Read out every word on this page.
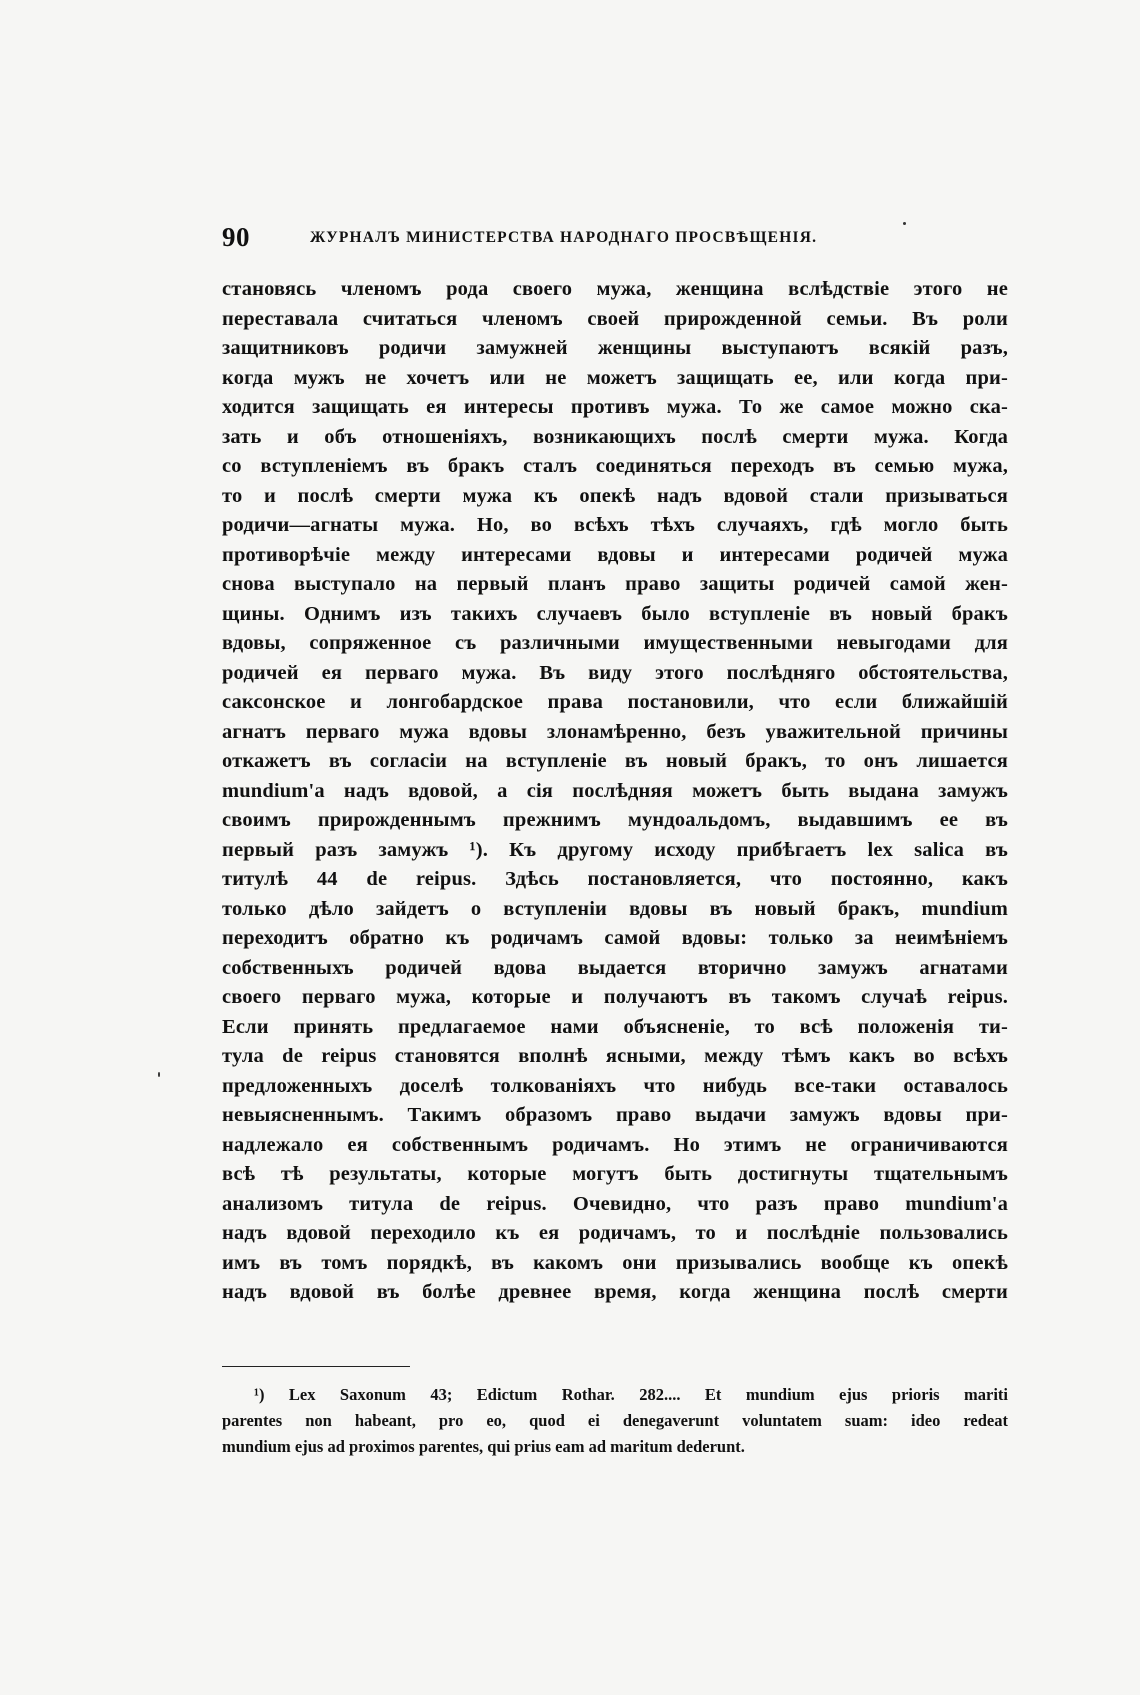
90	ЖУРНАЛЪ МИНИСТЕРСТВА НАРОДНАГО ПРОСВѢЩЕНІЯ.
становясь членомъ рода своего мужа, женщина вслѣдствіе этого не
переставала считаться членомъ своей прирожденной семьи. Въ роли
защитниковъ родичи замужней женщины выступаютъ всякій разъ,
когда мужъ не хочетъ или не можетъ защищать ее, или когда при-
ходится защищать ея интересы противъ мужа. То же самое можно ска-
зать и объ отношеніяхъ, возникающихъ послѣ смерти мужа. Когда
со вступленіемъ въ бракъ сталъ соединяться переходъ въ семью мужа,
то и послѣ смерти мужа къ опекѣ надъ вдовой стали призываться
родичи—агнаты мужа. Но, во всѣхъ тѣхъ случаяхъ, гдѣ могло быть
противорѣчіе между интересами вдовы и интересами родичей мужа
снова выступало на первый планъ право защиты родичей самой жен-
щины. Однимъ изъ такихъ случаевъ было вступленіе въ новый бракъ
вдовы, сопряженное съ различными имущественными невыгодами для
родичей ея перваго мужа. Въ виду этого послѣдняго обстоятельства,
саксонское и лонгобардское права постановили, что если ближайшій
агнатъ перваго мужа вдовы злонамѣренно, безъ уважительной причины
откажетъ въ согласіи на вступленіе въ новый бракъ, то онъ лишается
mundium'а надъ вдовой, а сія послѣдняя можетъ быть выдана замужъ
своимъ прирожденнымъ прежнимъ мундоальдомъ, выдавшимъ ее въ
первый разъ замужъ ¹). Къ другому исходу прибѣгаетъ lex salica въ
титулѣ 44 de reipus. Здѣсь постановляется, что постоянно, какъ
только дѣло зайдетъ о вступленіи вдовы въ новый бракъ, mundium
переходитъ обратно къ родичамъ самой вдовы: только за неимѣніемъ
собственныхъ родичей вдова выдается вторично замужъ агнатами
своего перваго мужа, которые и получаютъ въ такомъ случаѣ reipus.
Если принять предлагаемое нами объясненіе, то всѣ положенія ти-
тула de reipus становятся вполнѣ ясными, между тѣмъ какъ во всѣхъ
предложенныхъ доселѣ толкованіяхъ что нибудь все-таки оставалось
невыясненнымъ. Такимъ образомъ право выдачи замужъ вдовы при-
надлежало ея собственнымъ родичамъ. Но этимъ не ограничиваются
всѣ тѣ результаты, которые могутъ быть достигнуты тщательнымъ
анализомъ титула de reipus. Очевидно, что разъ право mundium'а
надъ вдовой переходило къ ея родичамъ, то и послѣдніе пользовались
имъ въ томъ порядкѣ, въ какомъ они призывались вообще къ опекѣ
надъ вдовой въ болѣе древнее время, когда женщина послѣ смерти
¹) Lex Saxonum 43; Edictum Rothar. 282.... Et mundium ejus prioris mariti
parentes non habeant, pro eo, quod ei denegaverunt voluntatem suam: ideo redeat
mundium ejus ad proximos parentes, qui prius eam ad maritum dederunt.
